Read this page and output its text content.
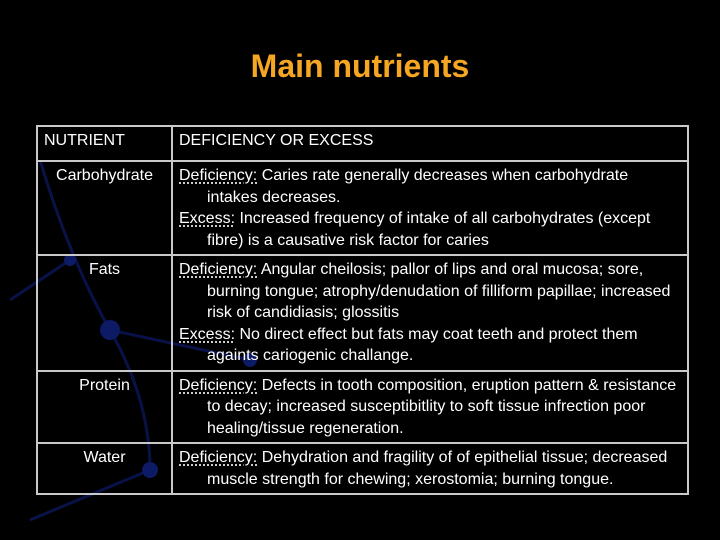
Main nutrients
NUTRIENT	DEFICIENCY OR EXCESS
Carbohydrate	Deficiency: Caries rate generally decreases when carbohydrate intakes decreases.
Excess: Increased frequency of intake of all carbohydrates (except fibre) is a causative risk factor for caries

Fats	Deficiency: Angular cheilosis; pallor of lips and oral mucosa; sore, burning tongue; atrophy/denudation of filliform papillae; increased risk of candidiasis; glossitis
Excess: No direct effect but fats may coat teeth and protect them againts cariogenic challange.

Protein	Deficiency: Defects in tooth composition, eruption pattern & resistance to decay; increased susceptibitlity to soft tissue infrection poor healing/tissue regeneration.

Water	Deficiency: Dehydration and fragility of of epithelial tissue; decreased muscle strength for chewing; xerostomia; burning tongue.
